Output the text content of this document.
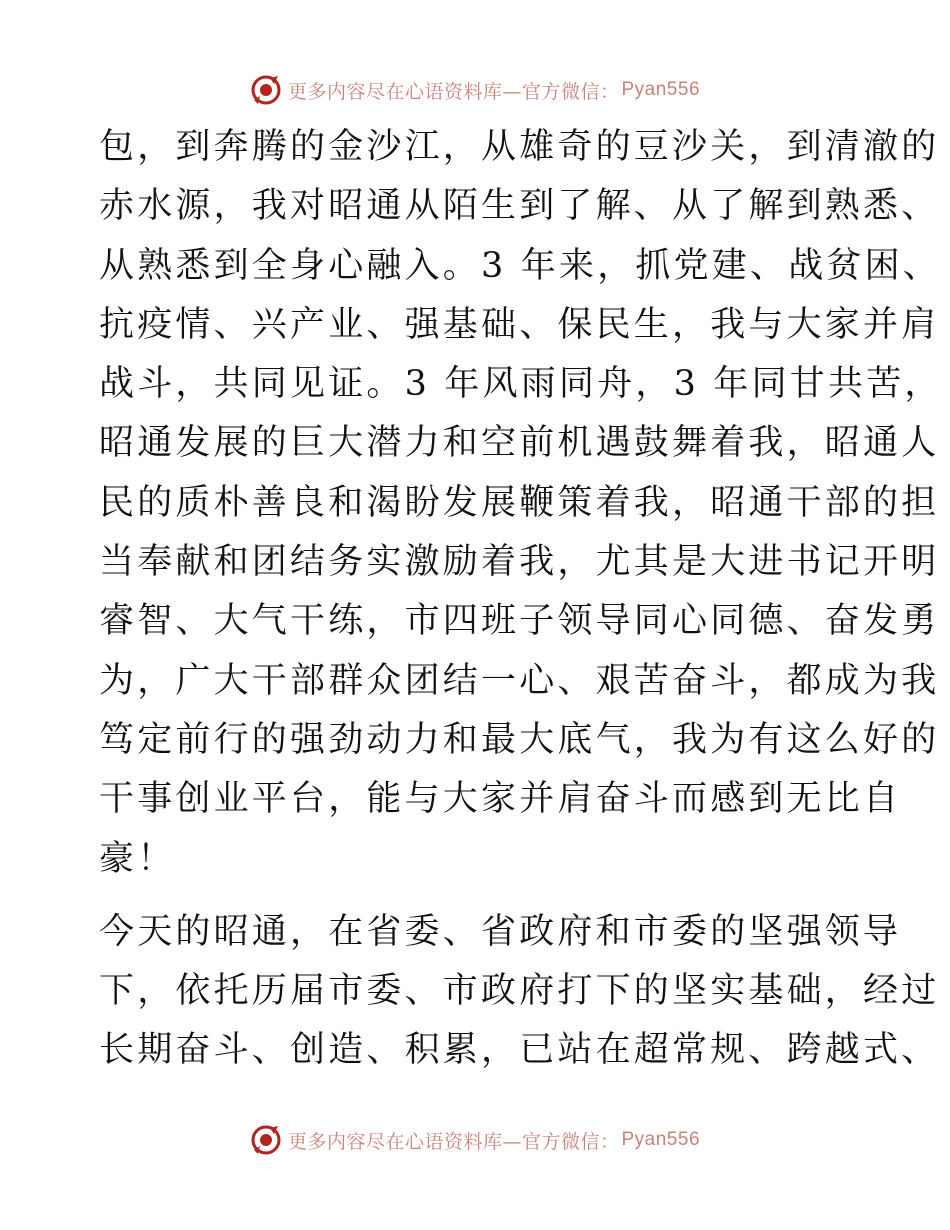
更多内容尽在心语资料库—官方微信： Pyan556
包，到奔腾的金沙江，从雄奇的豆沙关，到清澈的
赤水源，我对昭通从陌生到了解、从了解到熟悉、
从熟悉到全身心融入。3 年来，抓党建、战贫困、
抗疫情、兴产业、强基础、保民生，我与大家并肩
战斗，共同见证。3 年风雨同舟，3 年同甘共苦，
昭通发展的巨大潜力和空前机遇鼓舞着我，昭通人
民的质朴善良和渴盼发展鞭策着我，昭通干部的担
当奉献和团结务实激励着我，尤其是大进书记开明
睿智、大气干练，市四班子领导同心同德、奋发勇
为，广大干部群众团结一心、艰苦奋斗，都成为我
笃定前行的强劲动力和最大底气，我为有这么好的
干事创业平台，能与大家并肩奋斗而感到无比自
豪！
今天的昭通，在省委、省政府和市委的坚强领导
下，依托历届市委、市政府打下的坚实基础，经过
长期奋斗、创造、积累，已站在超常规、跨越式、
更多内容尽在心语资料库—官方微信： Pyan556
